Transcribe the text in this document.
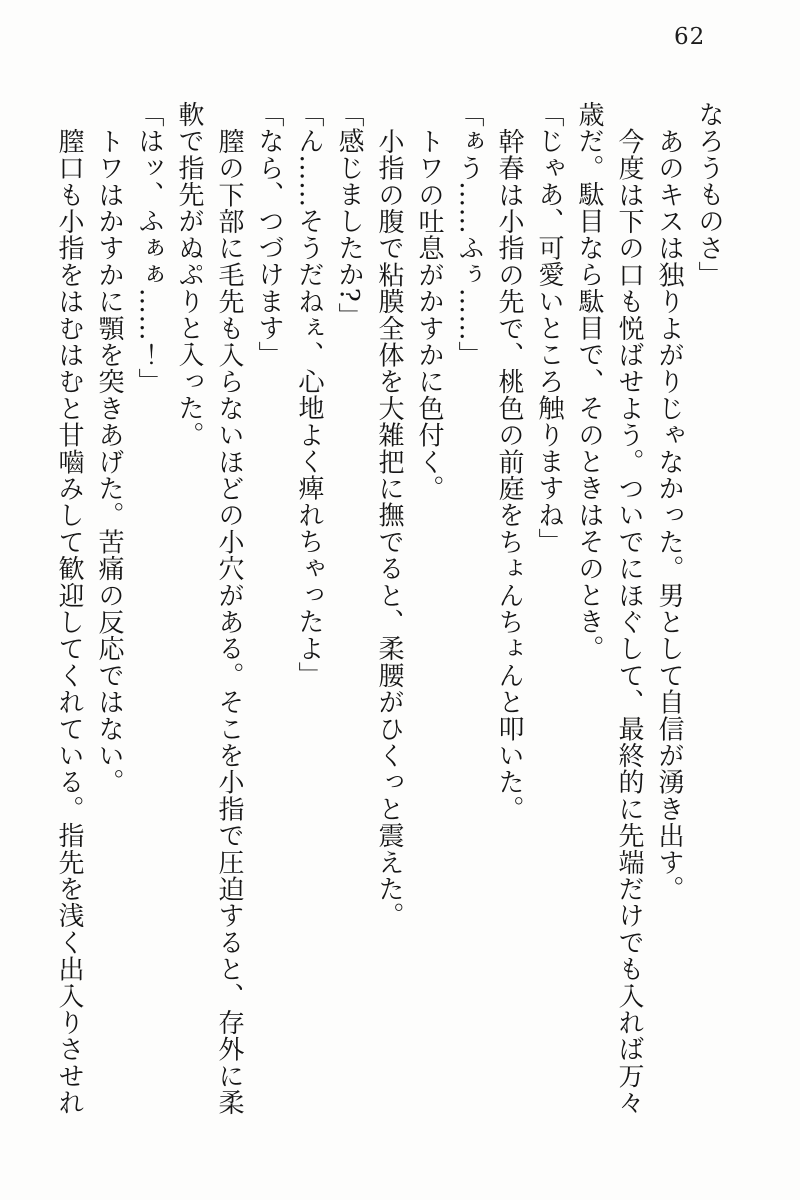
62

なろうものさ」

あのキスは独りよがりじゃなかった。男として自信が湧き出す。

今度は下の口も悦ばせよう。ついでにほぐして、最終的に先端だけでも入れば万々歳だ。駄目なら駄目で、そのときはそのとき。

「じゃあ、可愛いところ触りますね」

幹春は小指の先で、桃色の前庭をちょんちょんと叩いた。

「ぁう……ふぅ……」

トワの吐息がかすかに色付く。

小指の腹で粘膜全体を大雑把に撫でると、柔腰がひくっと震えた。

「感じましたか?」

「ん……そうだねぇ、心地よく痺れちゃったよ」

「なら、つづけます」

膣の下部に毛先も入らないほどの小穴がある。そこを小指で圧迫すると、存外に柔軟で指先がぬぷりと入った。

「はッ、ふぁぁ……！」

トワはかすかに顎を突きあげた。苦痛の反応ではない。

膣口も小指をはむはむと甘嚙みして歓迎してくれている。指先を浅く出入りさせれ
